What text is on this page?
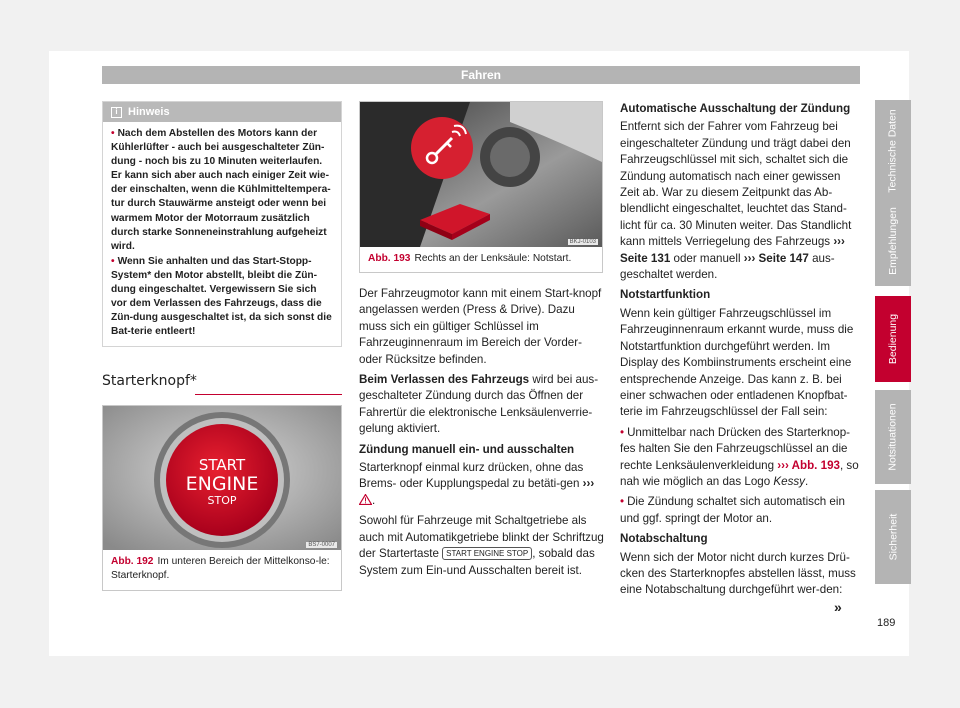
Fahren
i Hinweis

• Nach dem Abstellen des Motors kann der Kühlerlüfter - auch bei ausgeschalteter Zün-dung - noch bis zu 10 Minuten weiterlaufen. Er kann sich aber auch nach einiger Zeit wie-der einschalten, wenn die Kühlmitteltempera-tur durch Stauwärme ansteigt oder wenn bei warmem Motor der Motorraum zusätzlich durch starke Sonneneinstrahlung aufgeheizt wird.

• Wenn Sie anhalten und das Start-Stopp-System* den Motor abstellt, bleibt die Zün-dung eingeschaltet. Vergewissern Sie sich vor dem Verlassen des Fahrzeugs, dass die Zün-dung ausgeschaltet ist, da sich sonst die Bat-terie entleert!

Starterknopf*
START
ENGINE
STOP
BS7-0007
Abb. 192 Im unteren Bereich der Mittelkonso-le: Starterknopf.
BKJ-0103
Abb. 193 Rechts an der Lenksäule: Notstart.

Der Fahrzeugmotor kann mit einem Start-knopf angelassen werden (Press & Drive). Dazu muss sich ein gültiger Schlüssel im Fahrzeuginnenraum im Bereich der Vorder-oder Rücksitze befinden.

Beim Verlassen des Fahrzeugs wird bei aus-geschalteter Zündung durch das Öffnen der Fahrertür die elektronische Lenksäulenverrie-gelung aktiviert.

Zündung manuell ein- und ausschalten

Starterknopf einmal kurz drücken, ohne das Brems- oder Kupplungspedal zu betäti-gen ››› .

Sowohl für Fahrzeuge mit Schaltgetriebe als auch mit Automatikgetriebe blinkt der Schriftzug der Startertaste START ENGINE STOP , sobald das System zum Ein-und Ausschalten bereit ist.

Automatische Ausschaltung der Zündung

Entfernt sich der Fahrer vom Fahrzeug bei eingeschalteter Zündung und trägt dabei den Fahrzeugschlüssel mit sich, schaltet sich die Zündung automatisch nach einer gewissen Zeit ab. War zu diesem Zeitpunkt das Ab-blendlicht eingeschaltet, leuchtet das Stand-licht für ca. 30 Minuten weiter. Das Standlicht kann mittels Verriegelung des Fahrzeugs ››› Seite 131 oder manuell ››› Seite 147 aus-geschaltet werden.

Notstartfunktion

Wenn kein gültiger Fahrzeugschlüssel im Fahrzeuginnenraum erkannt wurde, muss die Notstartfunktion durchgeführt werden. Im Display des Kombiinstruments erscheint eine entsprechende Anzeige. Das kann z. B. bei einer schwachen oder entladenen Knopfbat-terie im Fahrzeugschlüssel der Fall sein:

• Unmittelbar nach Drücken des Starterknop-fes halten Sie den Fahrzeugschlüssel an die rechte Lenksäulenverkleidung ››› Abb. 193, so nah wie möglich an das Logo Kessy.

• Die Zündung schaltet sich automatisch ein und ggf. springt der Motor an.

Notabschaltung

Wenn sich der Motor nicht durch kurzes Drü-cken des Starterknopfes abstellen lässt, muss eine Notabschaltung durchgeführt wer-den:

»
Technische Daten
Empfehlungen
Bedienung
Notsituationen
Sicherheit
189
